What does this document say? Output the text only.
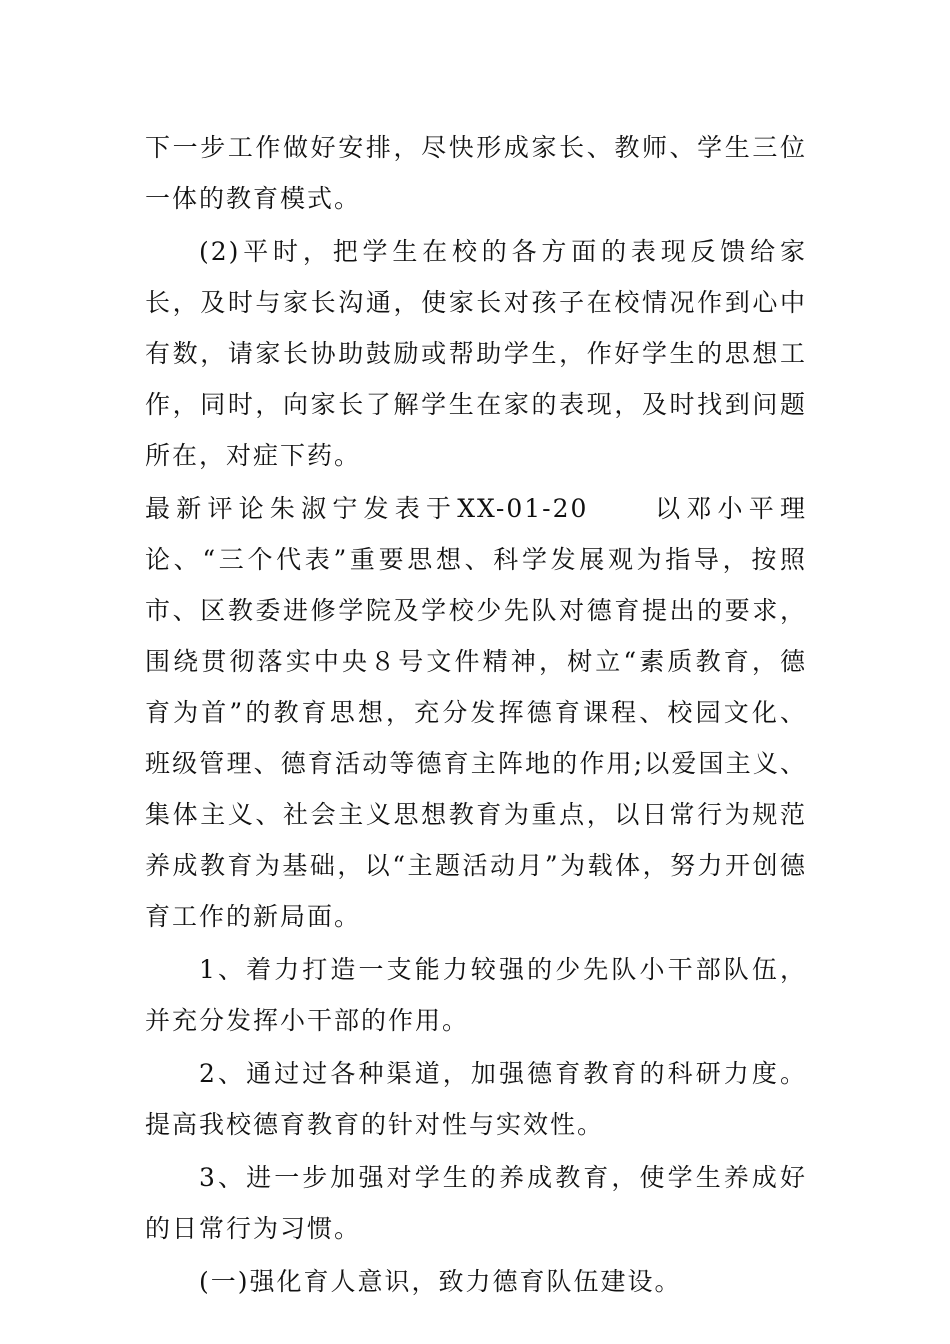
下一步工作做好安排，尽快形成家长、教师、学生三位一体的教育模式。

(2)平时，把学生在校的各方面的表现反馈给家长，及时与家长沟通，使家长对孩子在校情况作到心中有数，请家长协助鼓励或帮助学生，作好学生的思想工作，同时，向家长了解学生在家的表现，及时找到问题所在，对症下药。

最新评论朱淑宁发表于XX-01-20　　以邓小平理论、“三个代表”重要思想、科学发展观为指导，按照市、区教委进修学院及学校少先队对德育提出的要求，围绕贯彻落实中央８号文件精神，树立“素质教育，德育为首”的教育思想，充分发挥德育课程、校园文化、班级管理、德育活动等德育主阵地的作用;以爱国主义、集体主义、社会主义思想教育为重点，以日常行为规范养成教育为基础，以“主题活动月”为载体，努力开创德育工作的新局面。

1、着力打造一支能力较强的少先队小干部队伍，并充分发挥小干部的作用。

2、通过过各种渠道，加强德育教育的科研力度。提高我校德育教育的针对性与实效性。

3、进一步加强对学生的养成教育，使学生养成好的日常行为习惯。

(一)强化育人意识，致力德育队伍建设。
